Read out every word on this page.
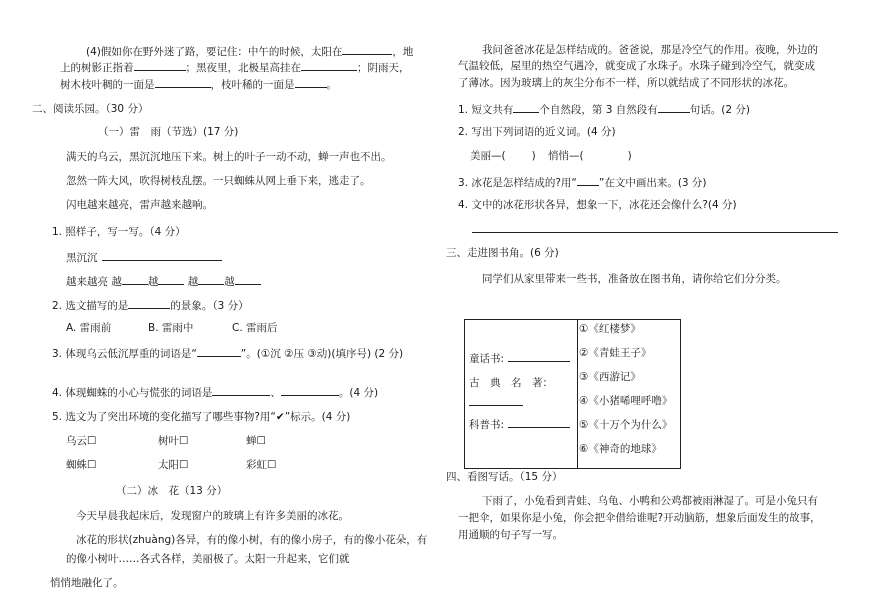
(4)假如你在野外迷了路，要记住：中午的时候，太阳在	，地
上的树影正指着	；黑夜里，北极星高挂在	；阴雨天，
树木枝叶稠的一面是	，枝叶稀的一面是	。
二、阅读乐园。（30 分）
（一）雷　雨（节选）(17 分)
满天的乌云，黑沉沉地压下来。树上的叶子一动不动，蝉一声也不出。
忽然一阵大风，吹得树枝乱摆。一只蜘蛛从网上垂下来，逃走了。
闪电越来越亮，雷声越来越响。
1. 照样子，写一写。（4 分）
黑沉沉
越来越亮 越 越	越 越
2. 选文描写的是	的景象。（3 分）
A. 雷雨前	B. 雷雨中	C. 雷雨后
3. 体现乌云低沉厚重的词语是“	”。(①沉 ②压 ③动)(填序号) (2 分)
4. 体现蜘蛛的小心与慌张的词语是	、	。(4 分)
5. 选文为了突出环境的变化描写了哪些事物?用“✔”标示。(4 分)
乌云☐	树叶☐	蝉☐
蜘蛛☐	太阳☐	彩虹☐
（二）冰　花（13 分）
今天早晨我起床后，发现窗户的玻璃上有许多美丽的冰花。
冰花的形状(zhuàng)各异，有的像小树，有的像小房子，有的像小花朵，有
的像小树叶……各式各样，美丽极了。太阳一升起来，它们就
悄悄地融化了。
我问爸爸冰花是怎样结成的。爸爸说，那是冷空气的作用。夜晚，外边的
气温较低，屋里的热空气遇冷，就变成了水珠子。水珠子碰到冷空气，就变成
了薄冰。因为玻璃上的灰尘分布不一样，所以就结成了不同形状的冰花。
1. 短文共有 个自然段，第 3 自然段有	句话。(2 分)
2. 写出下列词语的近义词。(4 分)
美丽—( ) 悄悄—(	)
3. 冰花是怎样结成的?用“ ”在文中画出来。(3 分)
4. 文中的冰花形状各异，想象一下，冰花还会像什么?(4 分)
三、走进图书角。(6 分)
同学们从家里带来一些书，准备放在图书角，请你给它们分分类。
童话书:
古　典　名　著：
科普书:
①《红楼梦》
②《青蛙王子》
③《西游记》
④《小猪唏哩呼噜》
⑤《十万个为什么》
⑥《神奇的地球》
四、看图写话。（15 分）
下雨了，小兔看到青蛙、乌龟、小鸭和公鸡都被雨淋湿了。可是小兔只有
一把伞，如果你是小兔，你会把伞借给谁呢?开动脑筋，想象后面发生的故事，
用通顺的句子写一写。
